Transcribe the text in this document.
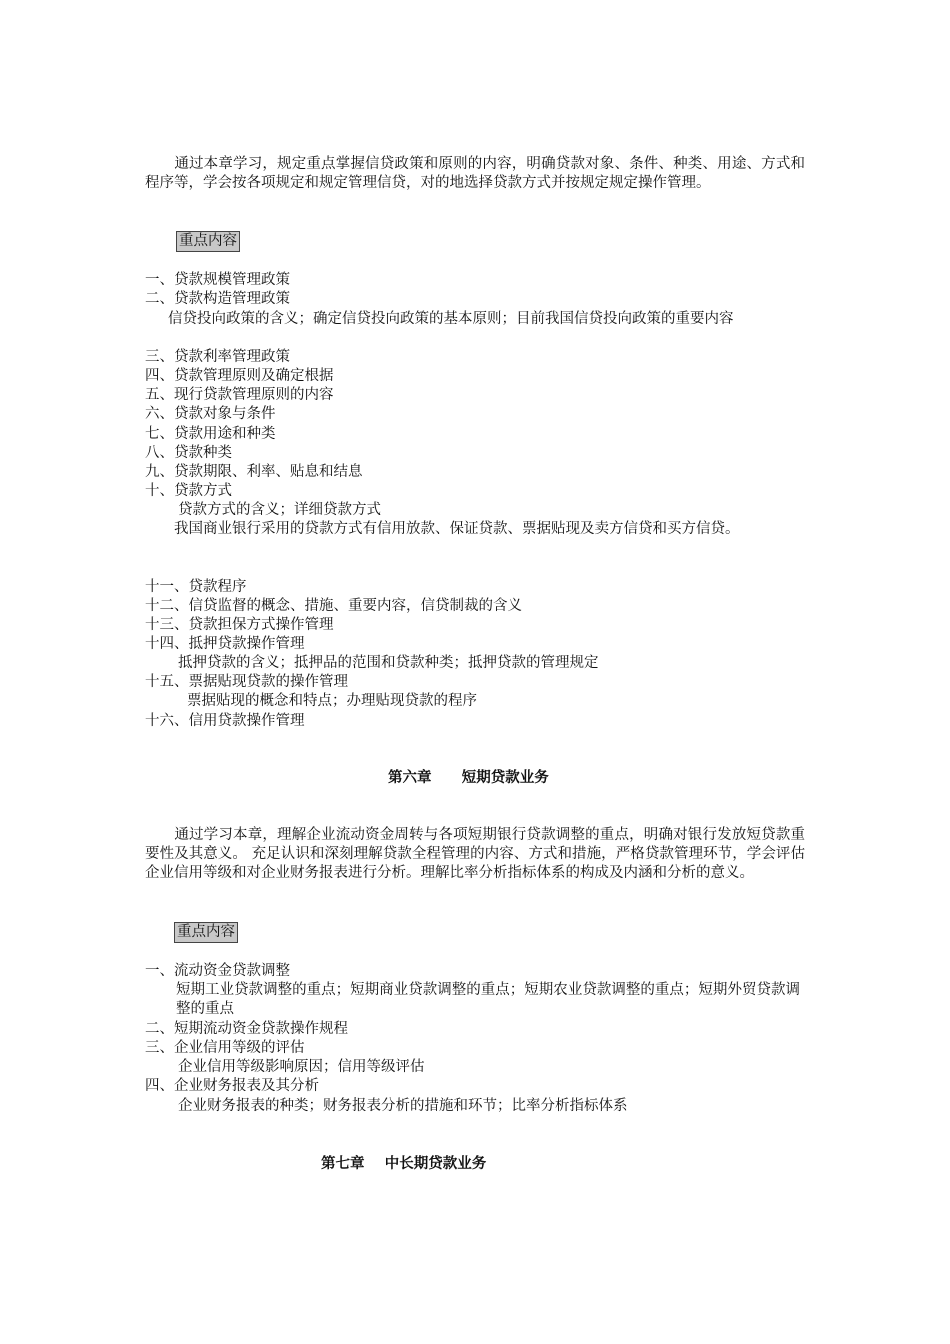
　　通过本章学习，规定重点掌握信贷政策和原则的内容，明确贷款对象、条件、种类、用途、方式和程序等，学会按各项规定和规定管理信贷，对的地选择贷款方式并按规定规定操作管理。
重点内容
一、贷款规模管理政策
二、贷款构造管理政策
信贷投向政策的含义；确定信贷投向政策的基本原则；目前我国信贷投向政策的重要内容
三、贷款利率管理政策
四、贷款管理原则及确定根据
五、现行贷款管理原则的内容
六、贷款对象与条件
七、贷款用途和种类
八、贷款种类
九、贷款期限、利率、贴息和结息
十、贷款方式
贷款方式的含义；详细贷款方式
　　我国商业银行采用的贷款方式有信用放款、保证贷款、票据贴现及卖方信贷和买方信贷。
十一、贷款程序
十二、信贷监督的概念、措施、重要内容，信贷制裁的含义
十三、贷款担保方式操作管理
十四、抵押贷款操作管理
抵押贷款的含义；抵押品的范围和贷款种类；抵押贷款的管理规定
十五、票据贴现贷款的操作管理
票据贴现的概念和特点；办理贴现贷款的程序
十六、信用贷款操作管理
第六章      短期贷款业务
　　通过学习本章，理解企业流动资金周转与各项短期银行贷款调整的重点，明确对银行发放短贷款重要性及其意义。 充足认识和深刻理解贷款全程管理的内容、方式和措施，严格贷款管理环节，学会评估企业信用等级和对企业财务报表进行分析。理解比率分析指标体系的构成及内涵和分析的意义。
重点内容
一、流动资金贷款调整
短期工业贷款调整的重点；短期商业贷款调整的重点；短期农业贷款调整的重点；短期外贸贷款调整的重点
二、短期流动资金贷款操作规程
三、企业信用等级的评估
企业信用等级影响原因；信用等级评估
四、企业财务报表及其分析
企业财务报表的种类；财务报表分析的措施和环节；比率分析指标体系
第七章    中长期贷款业务
